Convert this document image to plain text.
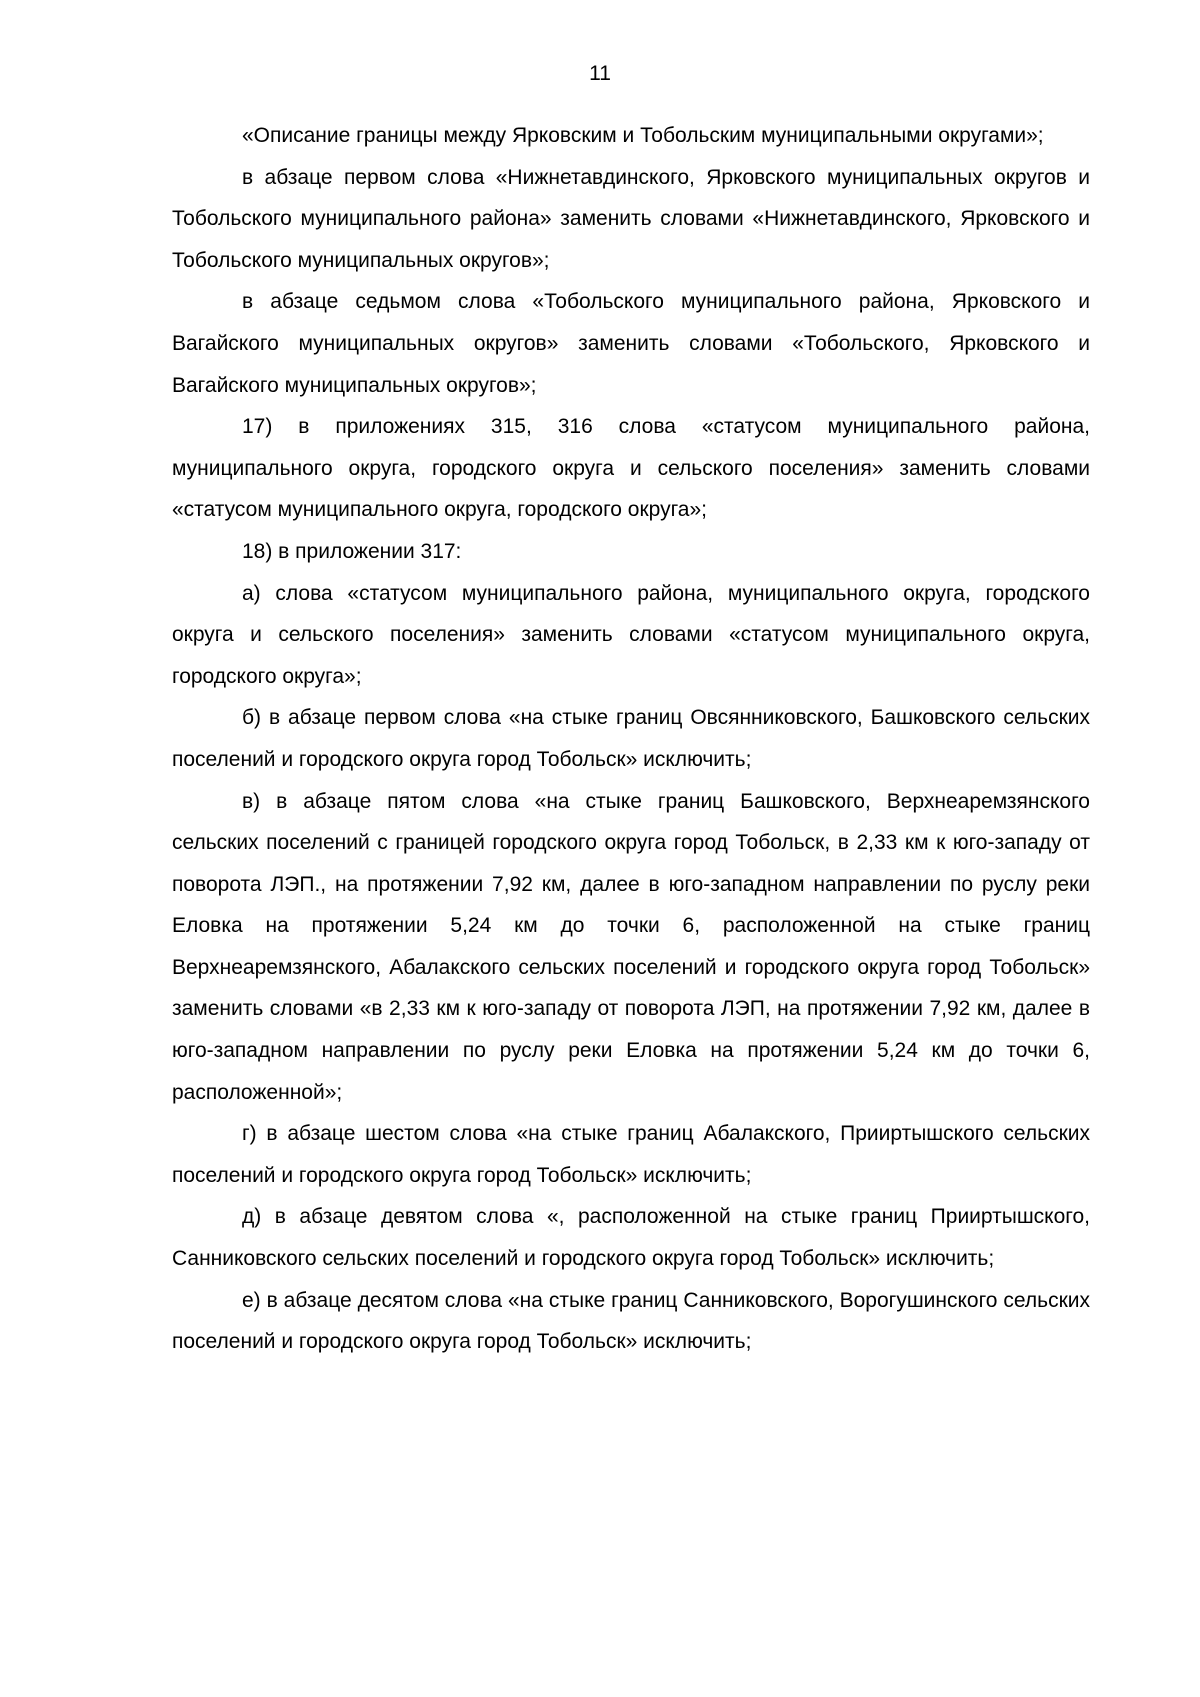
11

«Описание границы между Ярковским и Тобольским муниципальными округами»;

в абзаце первом слова «Нижнетавдинского, Ярковского муниципальных округов и Тобольского муниципального района» заменить словами «Нижнетавдинского, Ярковского и Тобольского муниципальных округов»;

в абзаце седьмом слова «Тобольского муниципального района, Ярковского и Вагайского муниципальных округов» заменить словами «Тобольского, Ярковского и Вагайского муниципальных округов»;

17) в приложениях 315, 316 слова «статусом муниципального района, муниципального округа, городского округа и сельского поселения» заменить словами «статусом муниципального округа, городского округа»;

18) в приложении 317:

а) слова «статусом муниципального района, муниципального округа, городского округа и сельского поселения» заменить словами «статусом муниципального округа, городского округа»;

б) в абзаце первом слова «на стыке границ Овсянниковского, Башковского сельских поселений и городского округа город Тобольск» исключить;

в) в абзаце пятом слова «на стыке границ Башковского, Верхнеаремзянского сельских поселений с границей городского округа город Тобольск, в 2,33 км к юго-западу от поворота ЛЭП., на протяжении 7,92 км, далее в юго-западном направлении по руслу реки Еловка на протяжении 5,24 км до точки 6, расположенной на стыке границ Верхнеаремзянского, Абалакского сельских поселений и городского округа город Тобольск» заменить словами «в 2,33 км к юго-западу от поворота ЛЭП, на протяжении 7,92 км, далее в юго-западном направлении по руслу реки Еловка на протяжении 5,24 км до точки 6, расположенной»;

г) в абзаце шестом слова «на стыке границ Абалакского, Прииртышского сельских поселений и городского округа город Тобольск» исключить;

д) в абзаце девятом слова «, расположенной на стыке границ Прииртышского, Санниковского сельских поселений и городского округа город Тобольск» исключить;

е) в абзаце десятом слова «на стыке границ Санниковского, Ворогушинского сельских поселений и городского округа город Тобольск» исключить;
